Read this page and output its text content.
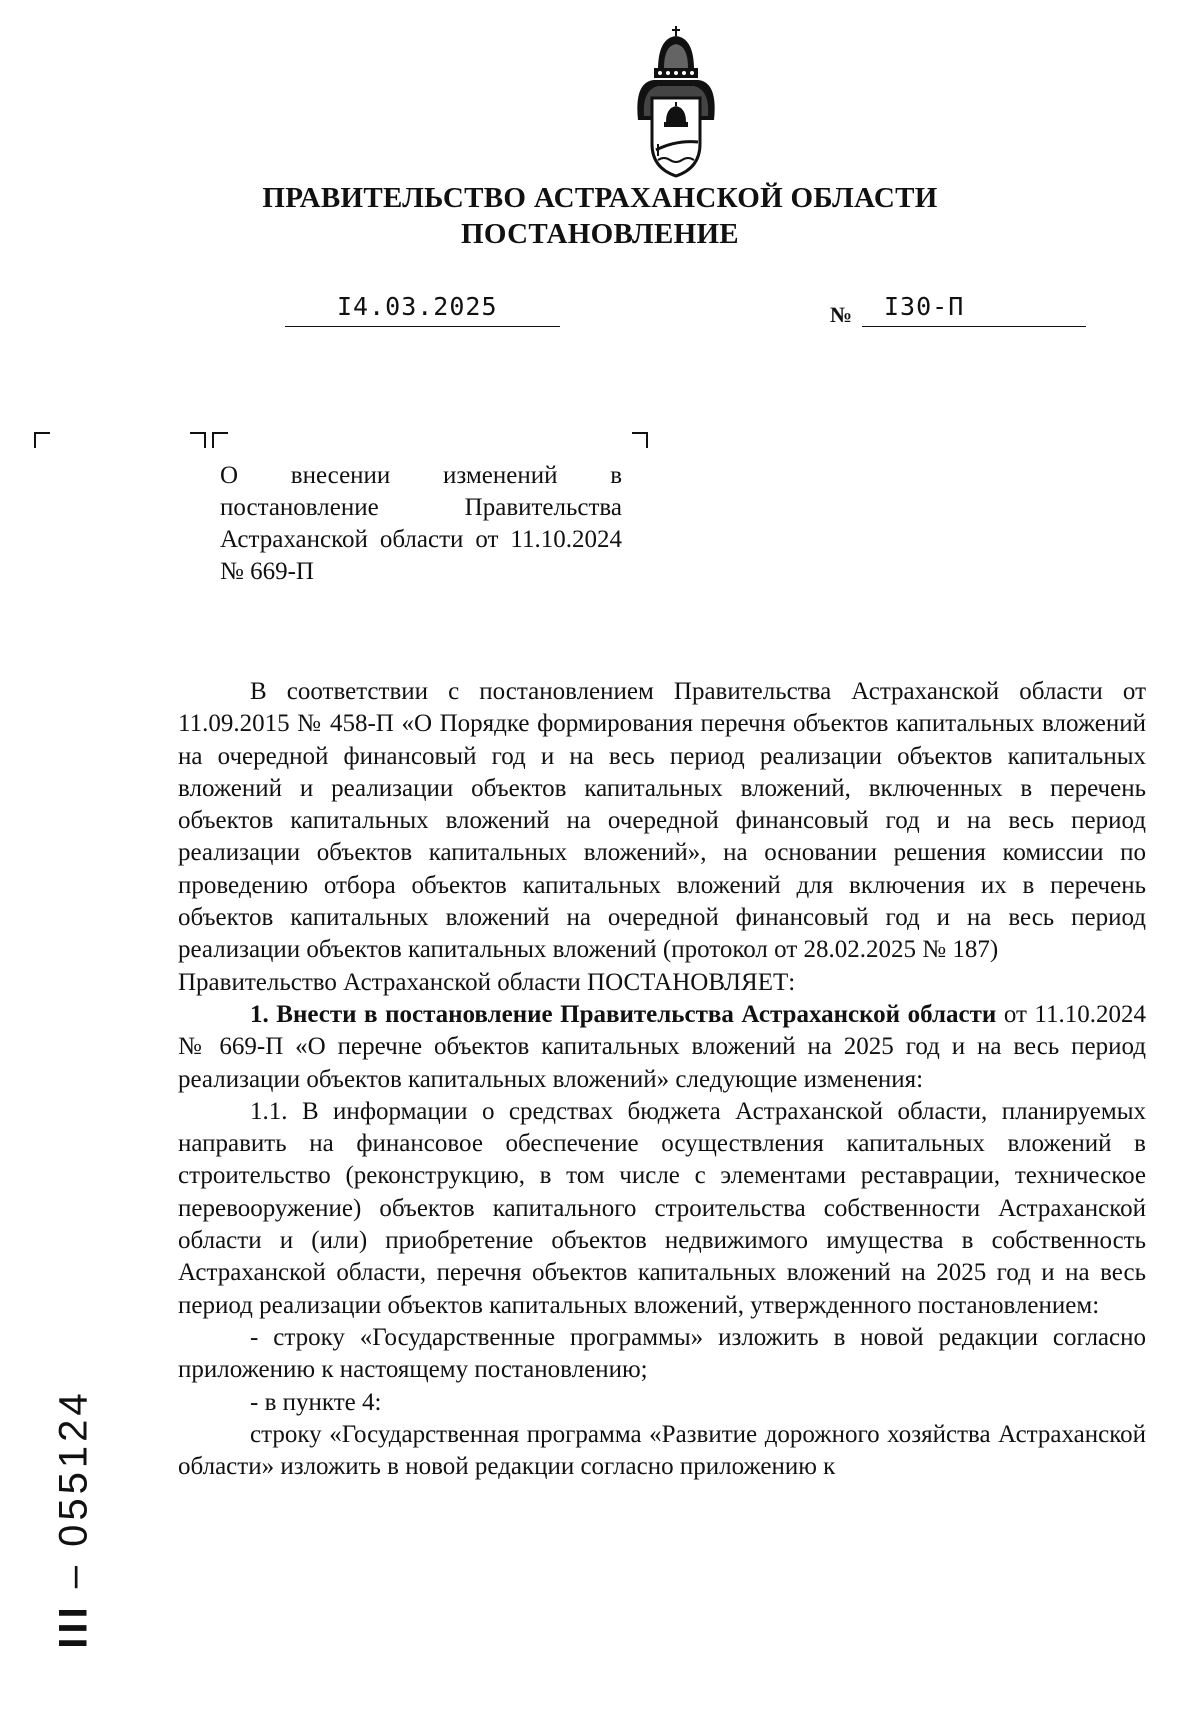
ПРАВИТЕЛЬСТВО АСТРАХАНСКОЙ ОБЛАСТИ
ПОСТАНОВЛЕНИЕ
I4.03.2025	№ I30-П
О внесении изменений в постановление Правительства Астраханской области от 11.10.2024 № 669-П

В соответствии с постановлением Правительства Астраханской области от 11.09.2015 № 458-П «О Порядке формирования перечня объектов капитальных вложений на очередной финансовый год и на весь период реализации объектов капитальных вложений и реализации объектов капитальных вложений, включенных в перечень объектов капитальных вложений на очередной финансовый год и на весь период реализации объектов капитальных вложений», на основании решения комиссии по проведению отбора объектов капитальных вложений для включения их в перечень объектов капитальных вложений на очередной финансовый год и на весь период реализации объектов капитальных вложений (протокол от 28.02.2025 № 187)

Правительство Астраханской области ПОСТАНОВЛЯЕТ:

1. Внести в постановление Правительства Астраханской области от 11.10.2024 № 669-П «О перечне объектов капитальных вложений на 2025 год и на весь период реализации объектов капитальных вложений» следующие изменения:

1.1. В информации о средствах бюджета Астраханской области, планируемых направить на финансовое обеспечение осуществления капитальных вложений в строительство (реконструкцию, в том числе с элементами реставрации, техническое перевооружение) объектов капитального строительства собственности Астраханской области и (или) приобретение объектов недвижимого имущества в собственность Астраханской области, перечня объектов капитальных вложений на 2025 год и на весь период реализации объектов капитальных вложений, утвержденного постановлением:

- строку «Государственные программы» изложить в новой редакции согласно приложению к настоящему постановлению;

- в пункте 4:

строку «Государственная программа «Развитие дорожного хозяйства Астраханской области» изложить в новой редакции согласно приложению к

III – 055124
